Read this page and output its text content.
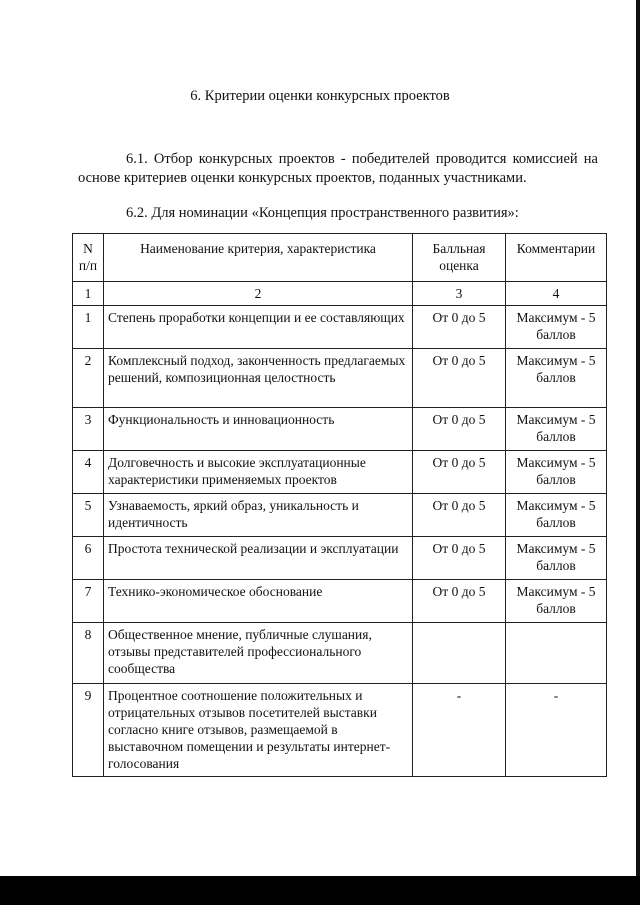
6. Критерии оценки конкурсных проектов
6.1. Отбор конкурсных проектов - победителей проводится комиссией на основе критериев оценки конкурсных проектов, поданных участниками.
6.2. Для номинации «Концепция пространственного развития»:
N п/п	Наименование критерия, характеристика	Балльная оценка	Комментарии
1	2	3	4
1	Степень проработки концепции и ее составляющих	От 0 до 5	Максимум - 5 баллов
2	Комплексный подход, законченность предлагаемых решений, композиционная целостность	От 0 до 5	Максимум - 5 баллов
3	Функциональность и инновационность	От 0 до 5	Максимум - 5 баллов
4	Долговечность и высокие эксплуатационные характеристики применяемых проектов	От 0 до 5	Максимум - 5 баллов
5	Узнаваемость, яркий образ, уникальность и идентичность	От 0 до 5	Максимум - 5 баллов
6	Простота технической реализации и эксплуатации	От 0 до 5	Максимум - 5 баллов
7	Технико-экономическое обоснование	От 0 до 5	Максимум - 5 баллов
8	Общественное мнение, публичные слушания, отзывы представителей профессионального сообщества		
9	Процентное соотношение положительных и отрицательных отзывов посетителей выставки согласно книге отзывов, размещаемой в выставочном помещении и результаты интернет-голосования	-	-
